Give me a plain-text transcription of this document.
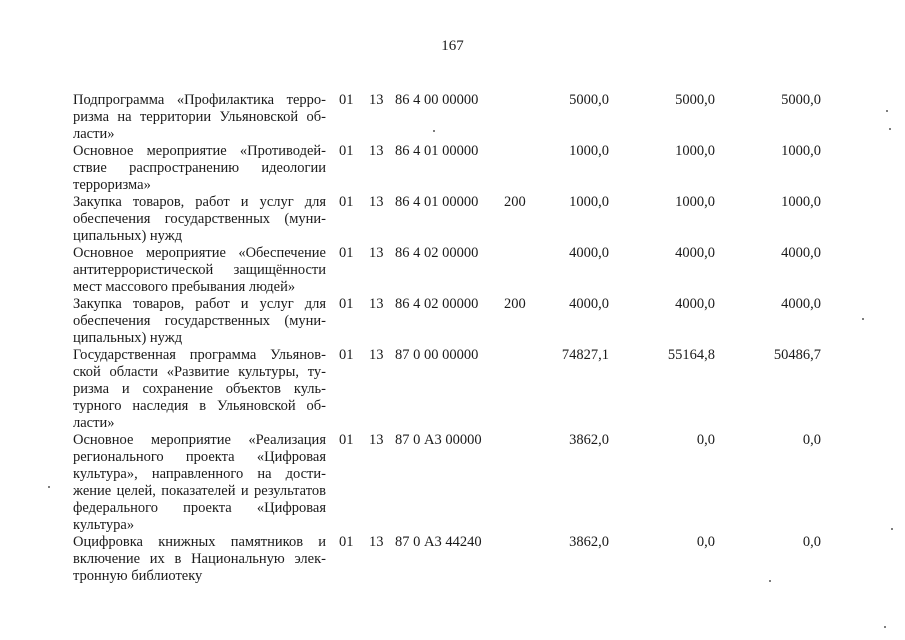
167
Подпрограмма «Профилактика терроризма на территории Ульяновской области»
01 13 86 4 00 00000	5000,0	5000,0	5000,0
Основное мероприятие «Противодействие распространению идеологии терроризма»
01 13 86 4 01 00000	1000,0	1000,0	1000,0
Закупка товаров, работ и услуг для обеспечения государственных (муниципальных) нужд
01 13 86 4 01 00000 200	1000,0	1000,0	1000,0
Основное мероприятие «Обеспечение антитеррористической защищённости мест массового пребывания людей»
01 13 86 4 02 00000	4000,0	4000,0	4000,0
Закупка товаров, работ и услуг для обеспечения государственных (муниципальных) нужд
01 13 86 4 02 00000 200	4000,0	4000,0	4000,0
Государственная программа Ульяновской области «Развитие культуры, туризма и сохранение объектов культурного наследия в Ульяновской области»
01 13 87 0 00 00000	74827,1	55164,8	50486,7
Основное мероприятие «Реализация регионального проекта «Цифровая культура», направленного на достижение целей, показателей и результатов федерального проекта «Цифровая культура»
01 13 87 0 А3 00000	3862,0	0,0	0,0
Оцифровка книжных памятников и включение их в Национальную электронную библиотеку
01 13 87 0 А3 44240	3862,0	0,0	0,0
